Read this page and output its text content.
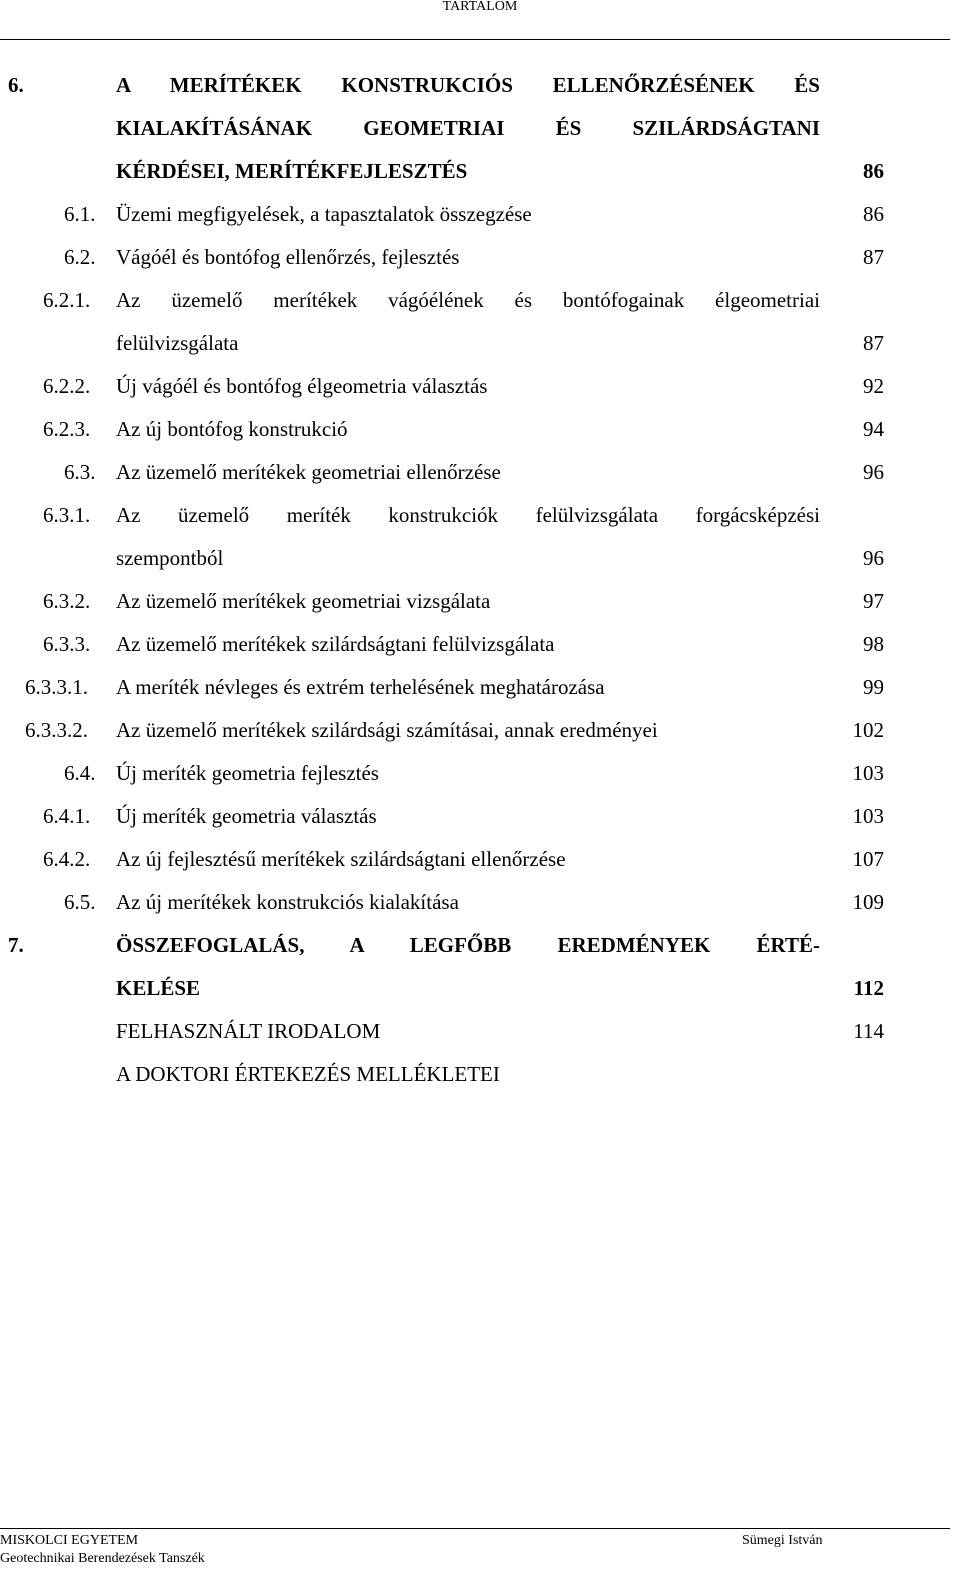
TARTALOM
6.	A MERÍTÉKEK KONSTRUKCIÓS ELLENŐRZÉSÉNEK ÉS
KIALAKÍTÁSÁNAK GEOMETRIAI ÉS SZILÁRDSÁGTANI
KÉRDÉSEI, MERÍTÉKFEJLESZTÉS	86
6.1. Üzemi megfigyelések, a tapasztalatok összegzése	86
6.2. Vágóél és bontófog ellenőrzés, fejlesztés	87
6.2.1. Az üzemelő merítékek vágóélének és bontófogainak élgeometriai
felülvizsgálata	87
6.2.2. Új vágóél és bontófog élgeometria választás	92
6.2.3. Az új bontófog konstrukció	94
6.3. Az üzemelő merítékek geometriai ellenőrzése	96
6.3.1. Az üzemelő meríték konstrukciók felülvizsgálata forgácsképzési
szempontból	96
6.3.2. Az üzemelő merítékek geometriai vizsgálata	97
6.3.3. Az üzemelő merítékek szilárdságtani felülvizsgálata	98
6.3.3.1. A meríték névleges és extrém terhelésének meghatározása	99
6.3.3.2. Az üzemelő merítékek szilárdsági számításai, annak eredményei	102
6.4. Új meríték geometria fejlesztés	103
6.4.1. Új meríték geometria választás	103
6.4.2. Az új fejlesztésű merítékek szilárdságtani ellenőrzése	107
6.5. Az új merítékek konstrukciós kialakítása	109
7.	ÖSSZEFOGLALÁS, A LEGFŐBB EREDMÉNYEK ÉRTÉ-
KELÉSE	112
FELHASZNÁLT IRODALOM	114
A DOKTORI ÉRTEKEZÉS MELLÉKLETEI
MISKOLCI EGYETEM
Geotechnikai Berendezések Tanszék
Sümegi István
